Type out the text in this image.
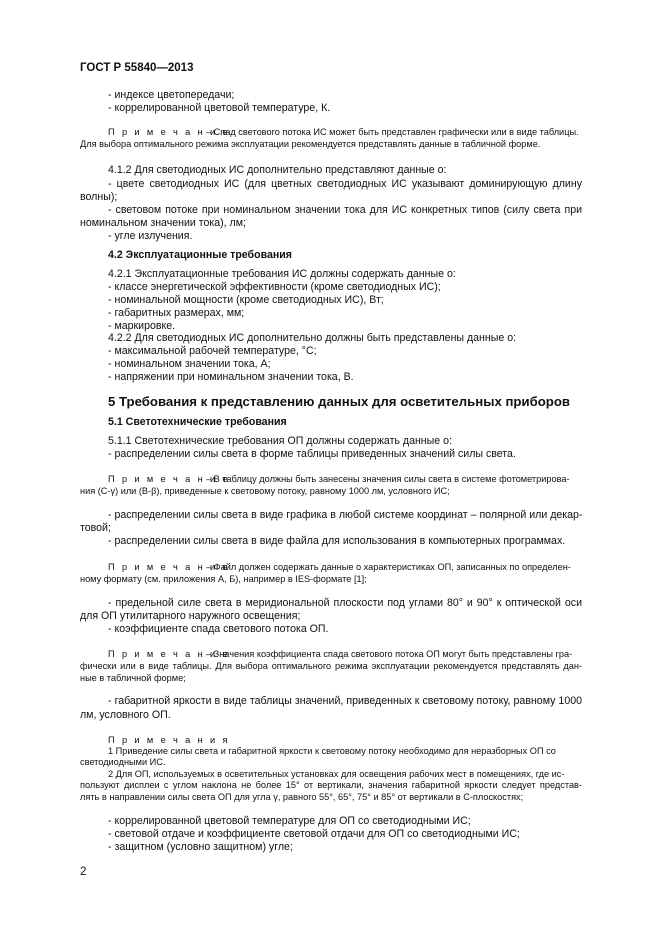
ГОСТ Р 55840—2013
- индексе цветопередачи;
- коррелированной цветовой температуре, К.
П р и м е ч а н и е
– Спад светового потока ИС может быть представлен графически или в виде таблицы.
Для выбора оптимального режима эксплуатации рекомендуется представлять данные в табличной форме.
4.1.2 Для светодиодных ИС дополнительно представляют данные о:
- цвете светодиодных ИС (для цветных светодиодных ИС указывают доминирующую длину
волны);
- световом потоке при номинальном значении тока для ИС конкретных типов (силу света при
номинальном значении тока), лм;
- угле излучения.
4.2 Эксплуатационные требования
4.2.1 Эксплуатационные требования ИС должны содержать данные о:
- классе энергетической эффективности (кроме светодиодных ИС);
- номинальной мощности (кроме светодиодных ИС), Вт;
- габаритных размерах, мм;
- маркировке.
4.2.2 Для светодиодных ИС дополнительно должны быть представлены данные о:
- максимальной рабочей температуре, °С;
- номинальном значении тока, А;
- напряжении при номинальном значении тока, В.
5 Требования к представлению данных для осветительных приборов
5.1 Светотехнические требования
5.1.1 Светотехнические требования ОП должны содержать данные о:
- распределении силы света в форме таблицы приведенных значений силы света.
П р и м е ч а н и е
– В таблицу должны быть занесены значения силы света в системе фотометрирова-
ния (С-γ) или (В-β), приведенные к световому потоку, равному 1000 лм, условного ИС;
- распределении силы света в виде графика в любой системе координат – полярной или декар-
товой;
- распределении силы света в виде файла для использования в компьютерных программах.
П р и м е ч а н и е
– Файл должен содержать данные о характеристиках ОП, записанных по определен-
ному формату (см. приложения А, Б), например в IES-формате [1];
- предельной силе света в меридиональной плоскости под углами 80° и 90° к оптической оси
для ОП утилитарного наружного освещения;
- коэффициенте спада светового потока ОП.
П р и м е ч а н и е
– Значения коэффициента спада светового потока ОП могут быть представлены гра-
фически или в виде таблицы. Для выбора оптимального режима эксплуатации рекомендуется представлять дан-
ные в табличной форме;
- габаритной яркости в виде таблицы значений, приведенных к световому потоку, равному 1000
лм, условного ОП.
П р и м е ч а н и я
1 Приведение силы света и габаритной яркости к световому потоку необходимо для неразборных ОП со
светодиодными ИС.
2 Для ОП, используемых в осветительных установках для освещения рабочих мест в помещениях, где ис-
пользуют дисплеи с углом наклона не более 15° от вертикали, значения габаритной яркости следует представ-
лять в направлении силы света ОП для угла γ, равного 55°, 65°, 75° и 85° от вертикали в С-плоскостях;
- коррелированной цветовой температуре для ОП со светодиодными ИС;
- световой отдаче и коэффициенте световой отдачи для ОП со светодиодными ИС;
- защитном (условно защитном) угле;
2
